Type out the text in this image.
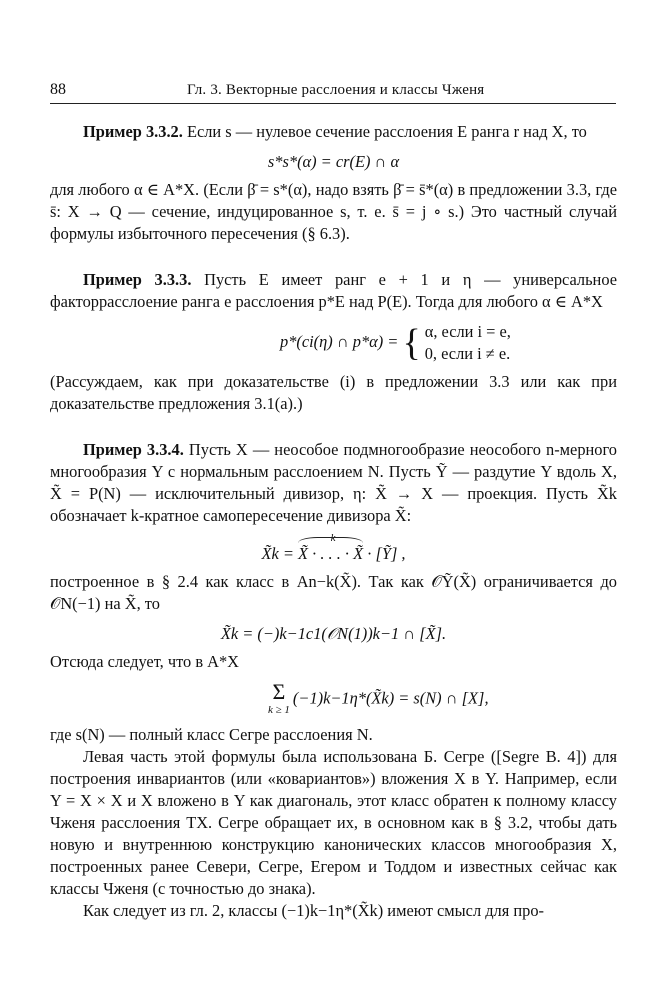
88	Гл. 3. Векторные расслоения и классы Чженя

Пример 3.3.2. Если s — нулевое сечение расслоения E ранга r над X, то

s*s*(α) = cr(E) ∩ α

для любого α ∈ A*X. (Если β̄ = s*(α), надо взять β̄ = s̄*(α) в предложении 3.3, где s̄: X → Q — сечение, индуцированное s, т. е. s̄ = j ∘ s.) Это частный случай формулы избыточного пересечения (§ 6.3).

Пример 3.3.3. Пусть E имеет ранг e + 1 и η — универсальное факторрасслоение ранга e расслоения p*E над P(E). Тогда для любого α ∈ A*X

p*(ci(η) ∩ p*α) = { α, если i = e,
0, если i ≠ e.

(Рассуждаем, как при доказательстве (i) в предложении 3.3 или как при доказательстве предложения 3.1(a).)

Пример 3.3.4. Пусть X — неособое подмногообразие неособого n-мерного многообразия Y с нормальным расслоением N. Пусть Ỹ — раздутие Y вдоль X, X̃ = P(N) — исключительный дивизор, η: X̃ → X — проекция. Пусть X̃k обозначает k-кратное самопересечение дивизора X̃:

X̃k =
k
X̃ · . . . · X̃ · [Ỹ] ,

построенное в § 2.4 как класс в An−k(X̃). Так как 𝒪Ỹ(X̃) ограничивается до 𝒪N(−1) на X̃, то

X̃k = (−)k−1c1(𝒪N(1))k−1 ∩ [X̃].

Отсюда следует, что в A*X

Σ
k ≥ 1
(−1)k−1η*(X̃k) = s(N) ∩ [X],

где s(N) — полный класс Сегре расслоения N.

Левая часть этой формулы была использована Б. Сегре ([Segre B. 4]) для построения инвариантов (или «ковариантов») вложения X в Y. Например, если Y = X × X и X вложено в Y как диагональ, этот класс обратен к полному классу Чженя расслоения TX. Сегре обращает их, в основном как в § 3.2, чтобы дать новую и внутреннюю конструкцию канонических классов многообразия X, построенных ранее Севери, Сегре, Егером и Тоддом и известных сейчас как классы Чженя (с точностью до знака).

Как следует из гл. 2, классы (−1)k−1η*(X̃k) имеют смысл для про-
